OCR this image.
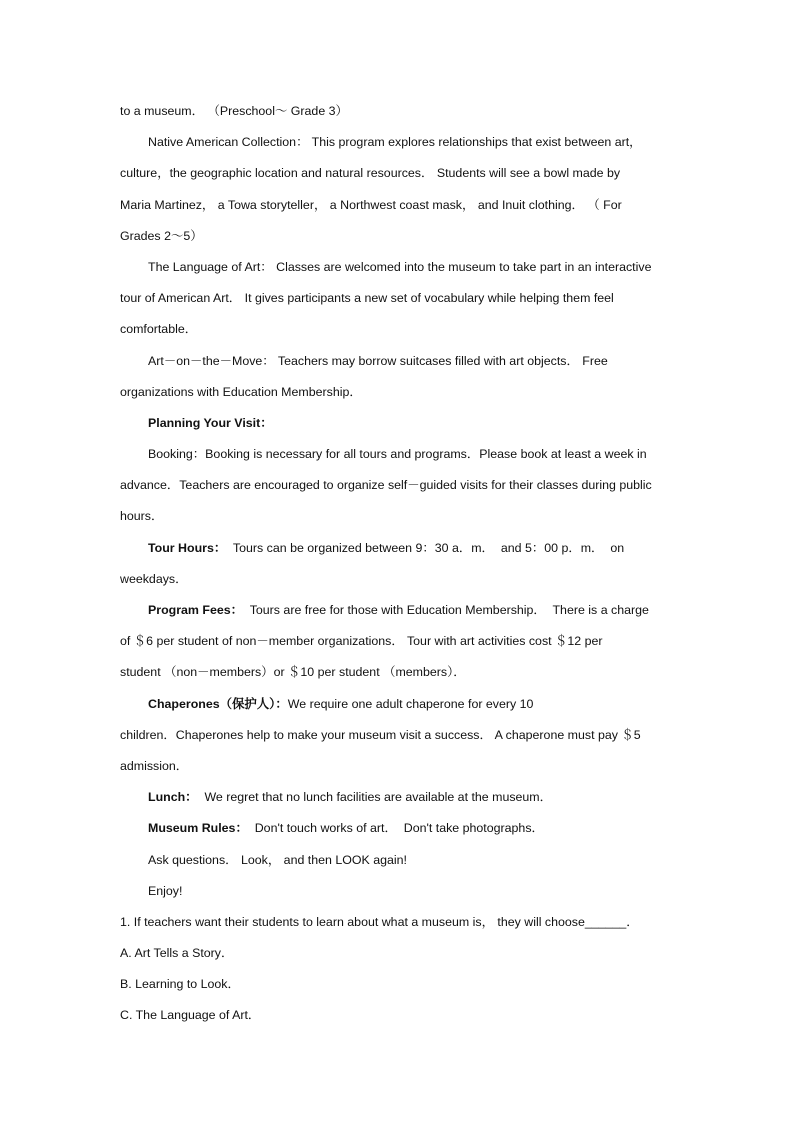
to a museum． （Preschool～ Grade 3）
Native American Collection： This program explores relationships that exist between art，
culture，the geographic location and natural resources． Students will see a bowl made by
Maria Martinez， a Towa storyteller， a Northwest coast mask， and Inuit clothing． （ For
Grades 2～5）
The Language of Art： Classes are welcomed into the museum to take part in an interactive
tour of American Art． It gives participants a new set of vocabulary while helping them feel
comfortable．
Art－on－the－Move： Teachers may borrow suitcases filled with art objects． Free
organizations with Education Membership．
Planning Your Visit：
Booking：Booking is necessary for all tours and programs．Please book at least a week in
advance．Teachers are encouraged to organize self－guided visits for their classes during public
hours．
Tour Hours：  Tours can be organized between 9：30 a．m．  and 5：00 p．m．  on
weekdays．
Program Fees：  Tours are free for those with Education Membership．  There is a charge
of ＄6 per student of non－member organizations． Tour with art activities cost ＄12 per
student （non－members）or ＄10 per student （members）．
Chaperones（保护人）：We require one adult chaperone for every 10
children．Chaperones help to make your museum visit a success． A chaperone must pay ＄5
admission．
Lunch：  We regret that no lunch facilities are available at the museum．
Museum Rules：  Don't touch works of art．  Don't take photographs．
Ask questions． Look， and then LOOK again!
Enjoy!
1. If teachers want their students to learn about what a museum is， they will choose______．
A. Art Tells a Story．
B. Learning to Look．
C. The Language of Art．
